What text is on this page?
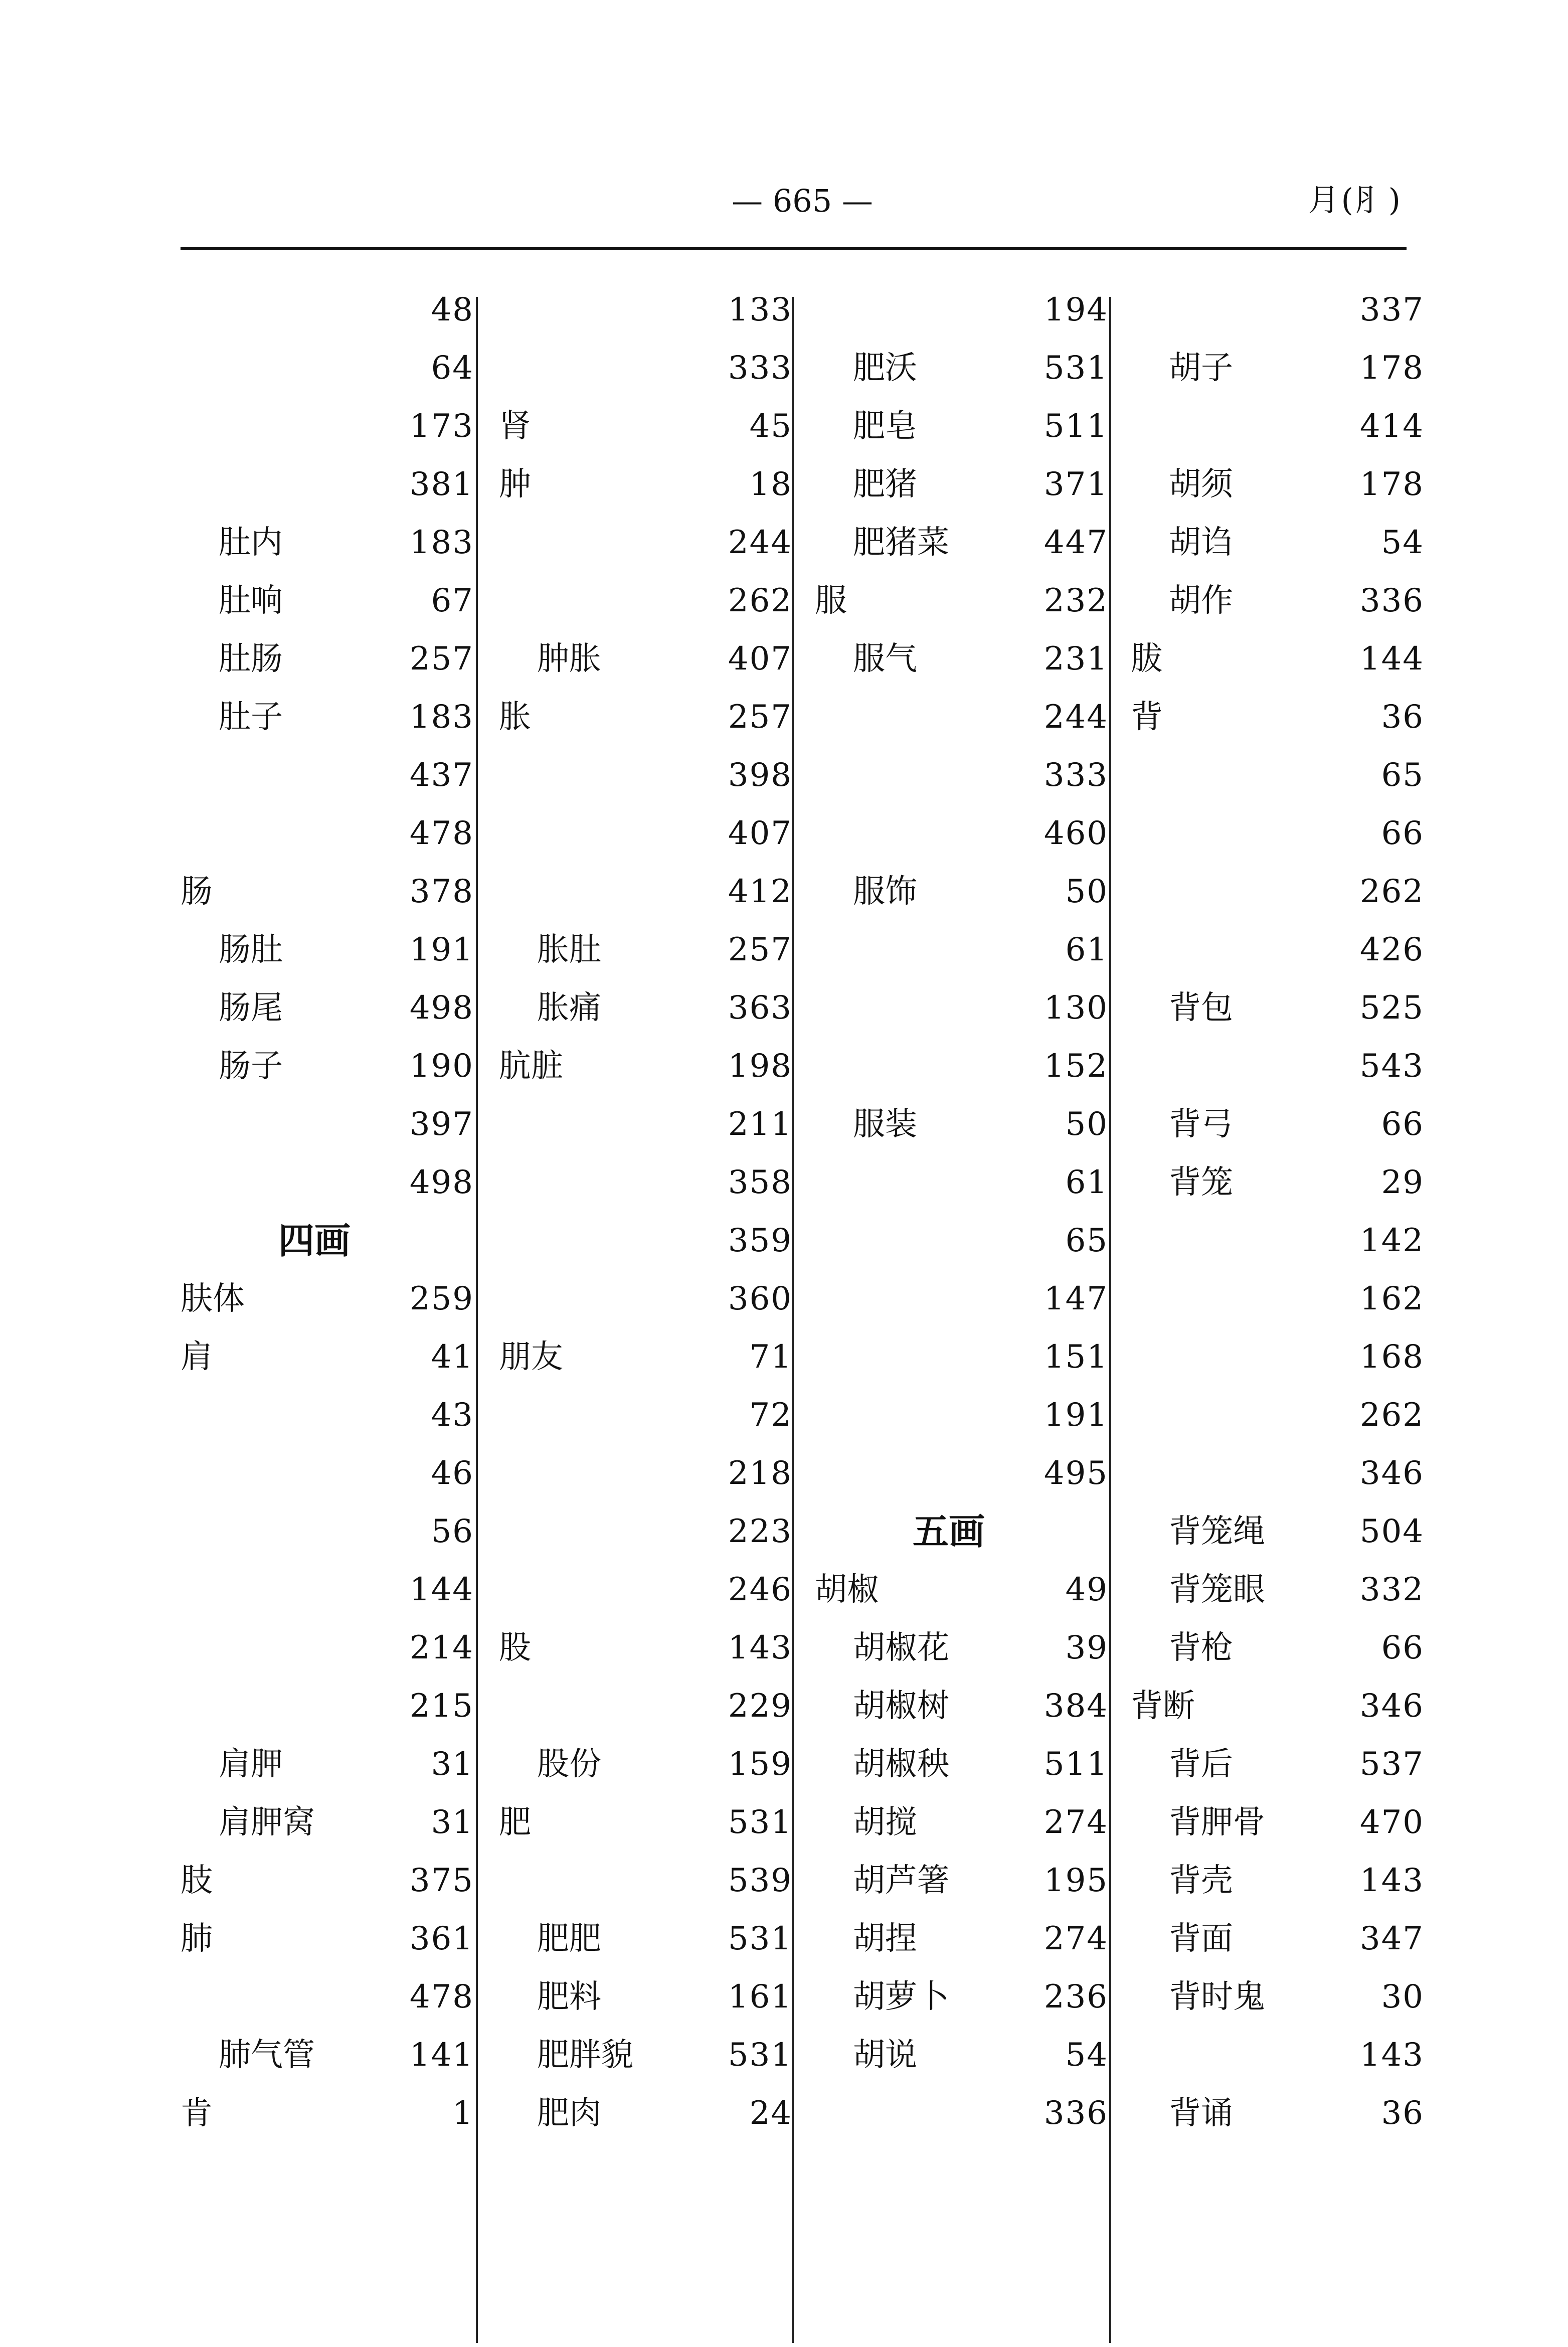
— 665 —	月(⺼)
48
64
173
381
肚内	183
肚响	67
肚肠	257
肚子	183
437
478
肠	378
肠肚	191
肠尾	498
肠子	190
397
498
四画
肤体	259
肩	41
43
46
56
144
214
215
肩胛	31
肩胛窝	31
肢	375
肺	361
478
肺气管	141
肯	1
133
333
肾	45
肿	18
244
262
肿胀	407
胀	257
398
407
412
胀肚	257
胀痛	363
肮脏	198
211
358
359
360
朋友	71
72
218
223
246
股	143
229
股份	159
肥	531
539
肥肥	531
肥料	161
肥胖貌	531
肥肉	24
194
肥沃	531
肥皂	511
肥猪	371
肥猪菜	447
服	232
服气	231
244
333
460
服饰	50
61
130
152
服装	50
61
65
147
151
191
495
五画
胡椒	49
胡椒花	39
胡椒树	384
胡椒秧	511
胡搅	274
胡芦箸	195
胡捏	274
胡萝卜	236
胡说	54
336
337
胡子	178
414
胡须	178
胡诌	54
胡作	336
胈	144
背	36
65
66
262
426
背包	525
543
背弓	66
背笼	29
142
162
168
262
346
背笼绳	504
背笼眼	332
背枪	66
背断	346
背后	537
背胛骨	470
背壳	143
背面	347
背时鬼	30
143
背诵	36
